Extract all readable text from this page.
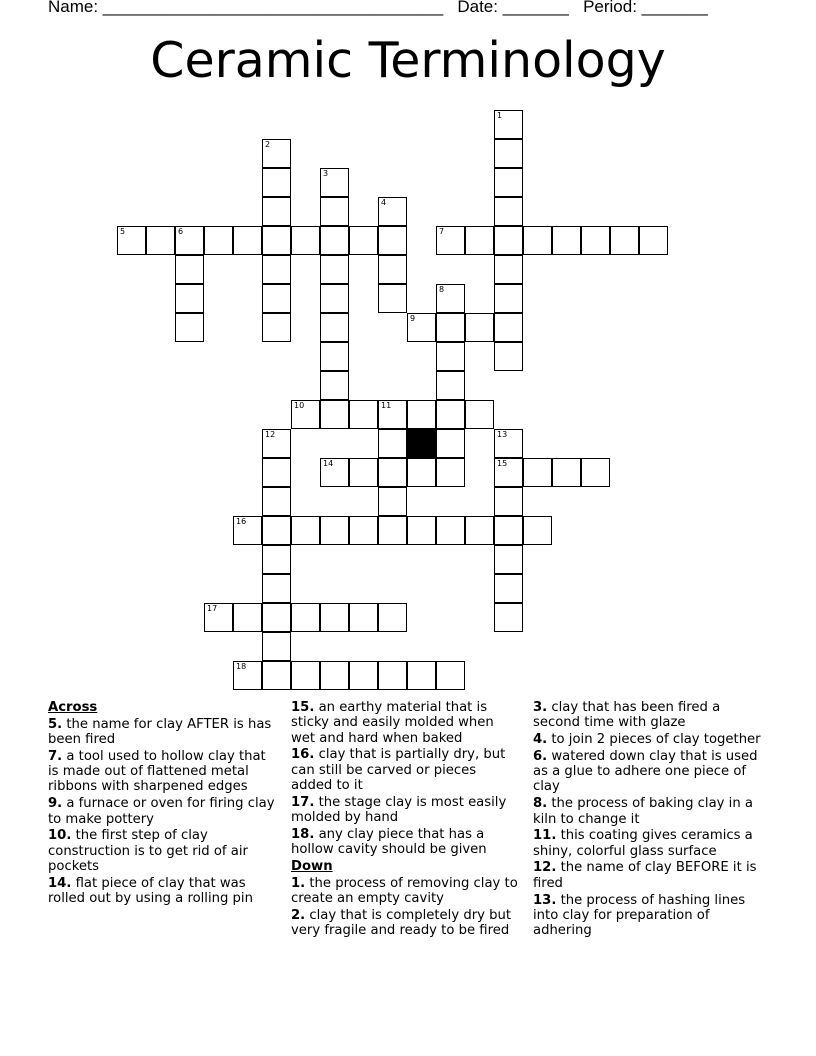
Name: ____________________________________ Date: _______ Period: _______
Ceramic Terminology
5	6	7
9
10	11
14	15
16
17
18
1
2
3
4
8
12	13
Across
5. the name for clay AFTER is has been fired
7. a tool used to hollow clay that is made out of flattened metal ribbons with sharpened edges
9. a furnace or oven for firing clay to make pottery
10. the first step of clay construction is to get rid of air pockets
14. flat piece of clay that was rolled out by using a rolling pin
15. an earthy material that is sticky and easily molded when wet and hard when baked
16. clay that is partially dry, but can still be carved or pieces added to it
17. the stage clay is most easily molded by hand
18. any clay piece that has a hollow cavity should be given
Down
1. the process of removing clay to create an empty cavity
2. clay that is completely dry but very fragile and ready to be fired
3. clay that has been fired a second time with glaze
4. to join 2 pieces of clay together
6. watered down clay that is used as a glue to adhere one piece of clay
8. the process of baking clay in a kiln to change it
11. this coating gives ceramics a shiny, colorful glass surface
12. the name of clay BEFORE it is fired
13. the process of hashing lines into clay for preparation of adhering
